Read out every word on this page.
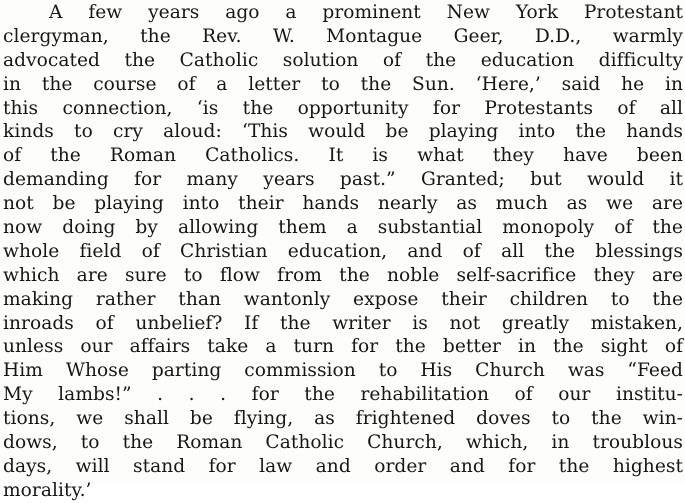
A few years ago a prominent New York Protestant
clergyman, the Rev. W. Montague Geer, D.D., warmly
advocated the Catholic solution of the education difficulty
in the course of a letter to the Sun. ‘Here,’ said he in
this connection, ‘is the opportunity for Protestants of all
kinds to cry aloud: ‘This would be playing into the hands
of the Roman Catholics. It is what they have been
demanding for many years past.” Granted; but would it
not be playing into their hands nearly as much as we are
now doing by allowing them a substantial monopoly of the
whole field of Christian education, and of all the blessings
which are sure to flow from the noble self-sacrifice they are
making rather than wantonly expose their children to the
inroads of unbelief? If the writer is not greatly mistaken,
unless our affairs take a turn for the better in the sight of
Him Whose parting commission to His Church was “Feed
My lambs!” . . . for the rehabilitation of our institu-
tions, we shall be flying, as frightened doves to the win-
dows, to the Roman Catholic Church, which, in troublous
days, will stand for law and order and for the highest
morality.’
